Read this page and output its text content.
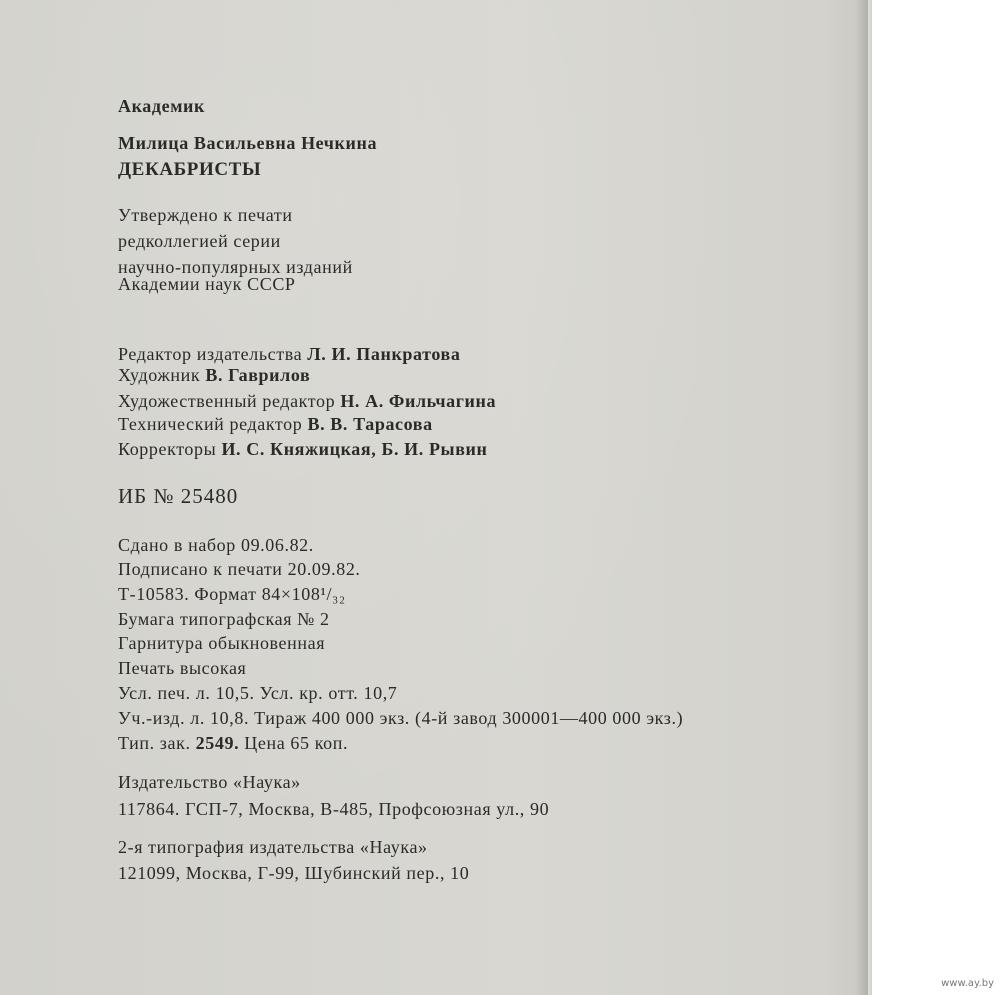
Академик
Милица Васильевна Нечкина
ДЕКАБРИСТЫ
Утверждено к печати
редколлегией серии
научно-популярных изданий
Академии наук СССР
Редактор издательства Л. И. Панкратова
Художник В. Гаврилов
Художественный редактор Н. А. Фильчагина
Технический редактор В. В. Тарасова
Корректоры И. С. Княжицкая, Б. И. Рывин
ИБ № 25480
Сдано в набор 09.06.82.
Подписано к печати 20.09.82.
Т-10583. Формат 84×108¹/₃₂
Бумага типографская № 2
Гарнитура обыкновенная
Печать высокая
Усл. печ. л. 10,5. Усл. кр. отт. 10,7
Уч.-изд. л. 10,8. Тираж 400 000 экз. (4-й завод 300001—400 000 экз.)
Тип. зак. 2549. Цена 65 коп.
Издательство «Наука»
117864. ГСП-7, Москва, В-485, Профсоюзная ул., 90
2-я типография издательства «Наука»
121099, Москва, Г-99, Шубинский пер., 10
www.ay.by
